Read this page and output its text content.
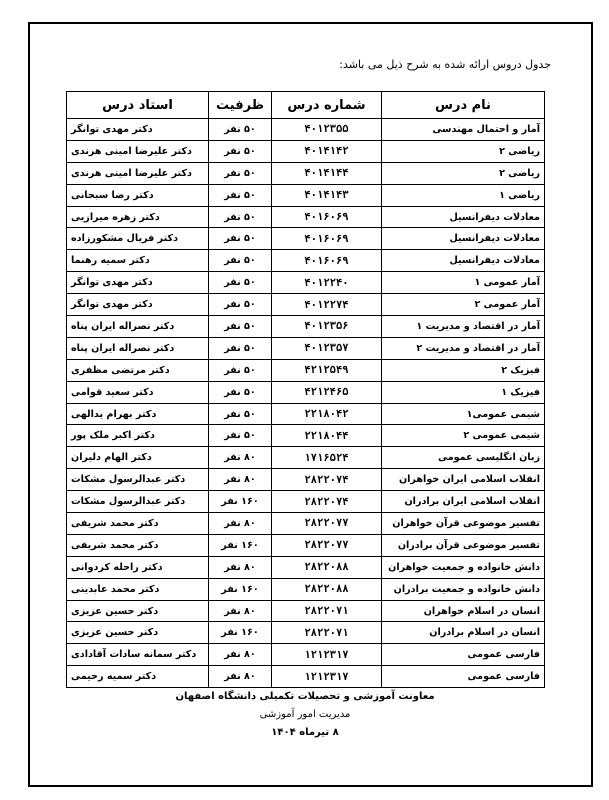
جدول دروس ارائه شده به شرح ذیل می باشد:
نام درس	شماره درس	ظرفیت	استاد درس
آمار و احتمال مهندسی	۴۰۱۲۳۵۵	۵۰ نفر	دکتر مهدی توانگر
ریاضی ۲	۴۰۱۴۱۴۲	۵۰ نفر	دکتر علیرضا امینی هرندی
ریاضی ۲	۴۰۱۴۱۴۴	۵۰ نفر	دکتر علیرضا امینی هرندی
ریاضی ۱	۴۰۱۴۱۴۳	۵۰ نفر	دکتر رضا سبحانی
معادلات دیفرانسیل	۴۰۱۶۰۶۹	۵۰ نفر	دکتر زهره میرازیی
معادلات دیفرانسیل	۴۰۱۶۰۶۹	۵۰ نفر	دکتر فریال مشکورزاده
معادلات دیفرانسیل	۴۰۱۶۰۶۹	۵۰ نفر	دکتر سمیه رهنما
آمار عمومی ۱	۴۰۱۲۲۴۰	۵۰ نفر	دکتر مهدی توانگر
آمار عمومی ۲	۴۰۱۲۲۷۴	۵۰ نفر	دکتر مهدی توانگر
آمار در اقتصاد و مدیریت ۱	۴۰۱۲۳۵۶	۵۰ نفر	دکتر نصراله ایران پناه
آمار در اقتصاد و مدیریت ۲	۴۰۱۲۳۵۷	۵۰ نفر	دکتر نصراله ایران پناه
فیزیک ۲	۴۲۱۲۵۴۹	۵۰ نفر	دکتر مرتضی مظفری
فیزیک ۱	۴۲۱۲۴۶۵	۵۰ نفر	دکتر سعید قوامی
شیمی عمومی۱	۲۲۱۸۰۴۲	۵۰ نفر	دکتر بهرام یدالهی
شیمی عمومی ۲	۲۲۱۸۰۴۴	۵۰ نفر	دکتر اکبر ملک پور
زبان انگلیسی عمومی	۱۷۱۶۵۲۴	۸۰ نفر	دکتر الهام دلیران
انقلاب اسلامی ایران خواهران	۲۸۲۲۰۷۴	۸۰ نفر	دکتر عبدالرسول مشکات
انقلاب اسلامی ایران برادران	۲۸۲۲۰۷۴	۱۶۰ نفر	دکتر عبدالرسول مشکات
تفسیر موضوعی قرآن خواهران	۲۸۲۲۰۷۷	۸۰ نفر	دکتر محمد شریفی
تفسیر موضوعی قرآن برادران	۲۸۲۲۰۷۷	۱۶۰ نفر	دکتر محمد شریفی
دانش خانواده و جمعیت خواهران	۲۸۲۲۰۸۸	۸۰ نفر	دکتر راحله کردوانی
دانش خانواده و جمعیت برادران	۲۸۲۲۰۸۸	۱۶۰ نفر	دکتر محمد عابدینی
انسان در اسلام خواهران	۲۸۲۲۰۷۱	۸۰ نفر	دکتر حسین عزیزی
انسان در اسلام برادران	۲۸۲۲۰۷۱	۱۶۰ نفر	دکتر حسین عزیزی
فارسی عمومی	۱۲۱۲۳۱۷	۸۰ نفر	دکتر سمانه سادات آقادادی
فارسی عمومی	۱۲۱۲۳۱۷	۸۰ نفر	دکتر سمیه رحیمی
معاونت آموزشی و تحصیلات تکمیلی دانشگاه اصفهان
مدیریت امور آموزشی
۸ تیرماه ۱۴۰۴
